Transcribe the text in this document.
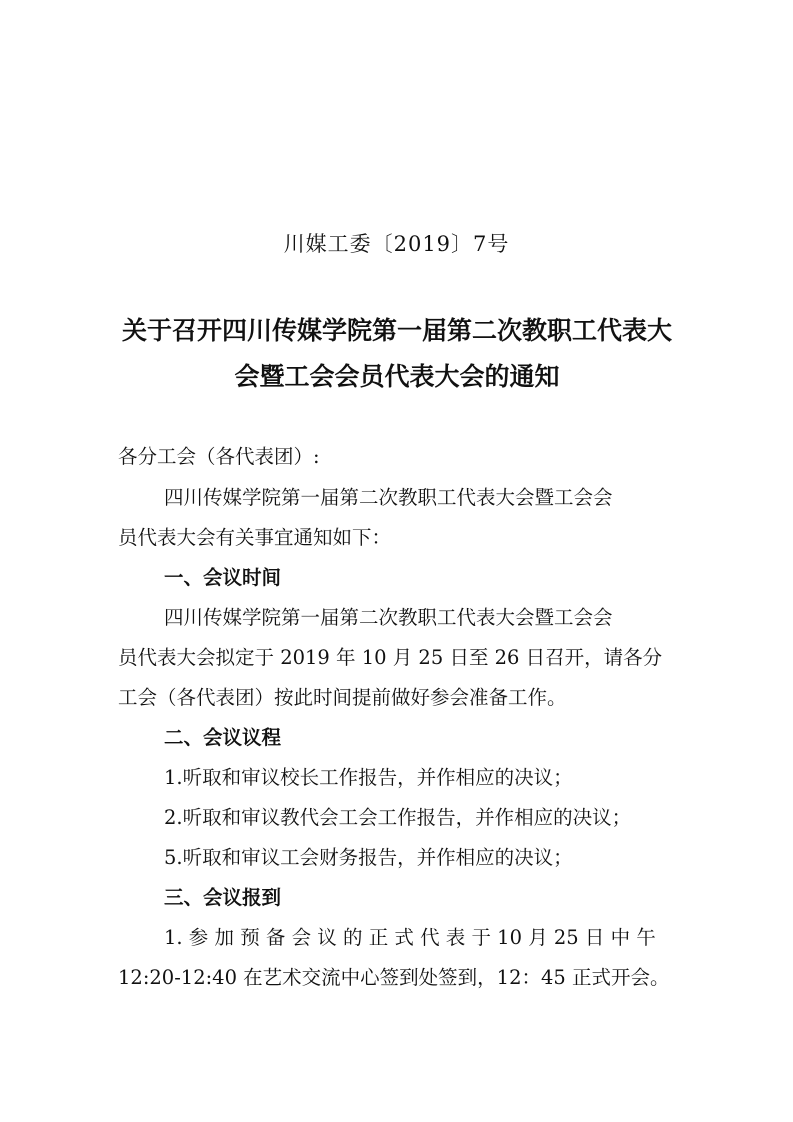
川媒工委〔2019〕7号
关于召开四川传媒学院第一届第二次教职工代表大
会暨工会会员代表大会的通知
各分工会（各代表团）:
四川传媒学院第一届第二次教职工代表大会暨工会会
员代表大会有关事宜通知如下：
一、会议时间
四川传媒学院第一届第二次教职工代表大会暨工会会
员代表大会拟定于 2019 年 10 月 25 日至 26 日召开，请各分
工会（各代表团）按此时间提前做好参会准备工作。
二、会议议程
1.听取和审议校长工作报告，并作相应的决议；
2.听取和审议教代会工会工作报告，并作相应的决议；
5.听取和审议工会财务报告，并作相应的决议；
三、会议报到
1. 参 加 预 备 会 议 的 正 式 代 表 于 10 月 25 日 中 午
12:20-12:40 在艺术交流中心签到处签到，12：45 正式开会。
